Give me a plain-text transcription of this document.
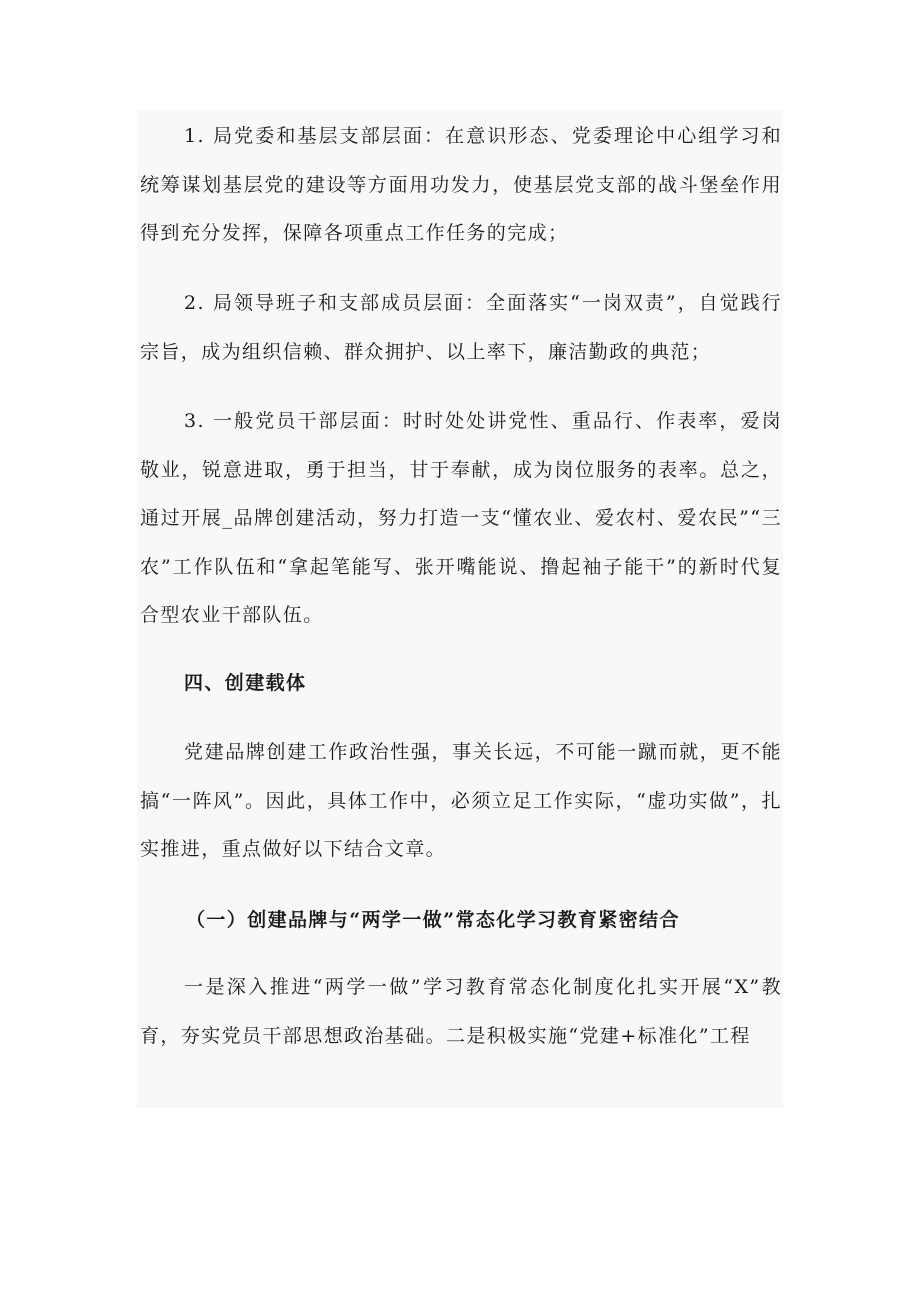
1. 局党委和基层支部层面：在意识形态、党委理论中心组学习和统筹谋划基层党的建设等方面用功发力，使基层党支部的战斗堡垒作用得到充分发挥，保障各项重点工作任务的完成；

2. 局领导班子和支部成员层面：全面落实“一岗双责”，自觉践行宗旨，成为组织信赖、群众拥护、以上率下，廉洁勤政的典范；

3. 一般党员干部层面：时时处处讲党性、重品行、作表率，爱岗敬业，锐意进取，勇于担当，甘于奉献，成为岗位服务的表率。总之，通过开展_品牌创建活动，努力打造一支“懂农业、爱农村、爱农民”“三农”工作队伍和“拿起笔能写、张开嘴能说、撸起袖子能干”的新时代复合型农业干部队伍。

四、创建载体

党建品牌创建工作政治性强，事关长远，不可能一蹴而就，更不能搞“一阵风”。因此，具体工作中，必须立足工作实际，“虚功实做”，扎实推进，重点做好以下结合文章。

（一）创建品牌与“两学一做”常态化学习教育紧密结合

一是深入推进“两学一做”学习教育常态化制度化扎实开展“X”教育，夯实党员干部思想政治基础。二是积极实施“党建+标准化”工程
